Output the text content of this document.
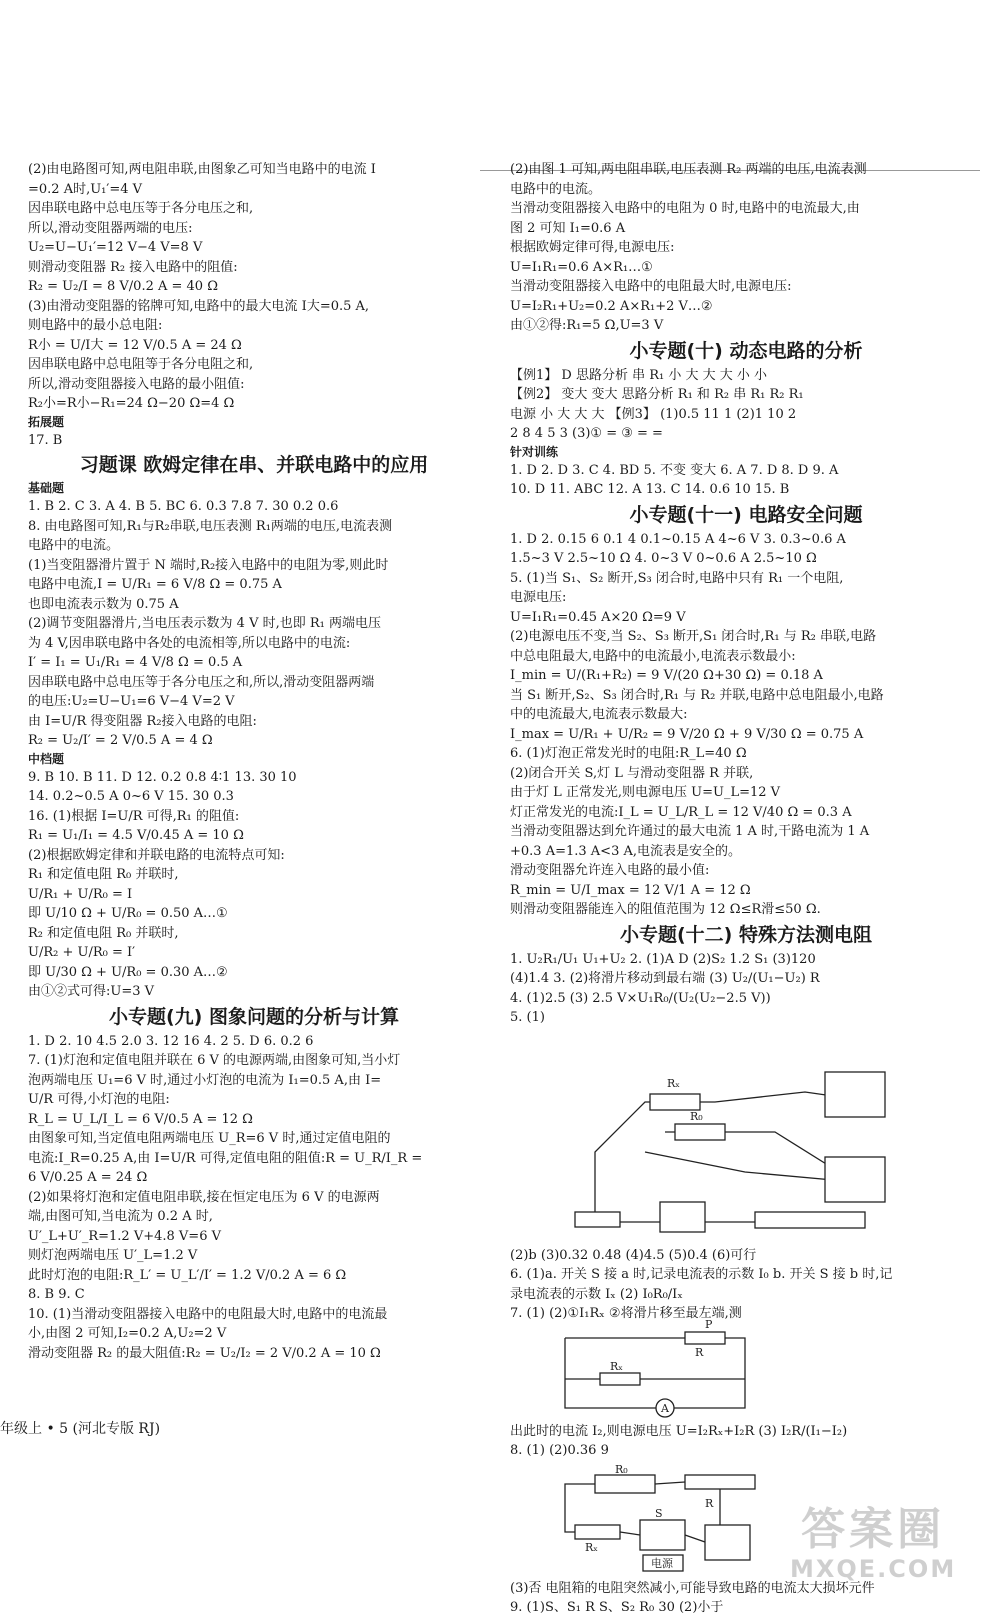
(2)由电路图可知,两电阻串联,由图象乙可知当电路中的电流 I
=0.2 A时,U₁′=4 V
因串联电路中总电压等于各分电压之和,
所以,滑动变阻器两端的电压:
U₂=U−U₁′=12 V−4 V=8 V
则滑动变阻器 R₂ 接入电路中的阻值:
R₂ = U₂/I = 8 V/0.2 A = 40 Ω
(3)由滑动变阻器的铭牌可知,电路中的最大电流 I大=0.5 A,
则电路中的最小总电阻:
R小 = U/I大 = 12 V/0.5 A = 24 Ω
因串联电路中总电阻等于各分电阻之和,
所以,滑动变阻器接入电路的最小阻值:
R₂小=R小−R₁=24 Ω−20 Ω=4 Ω
拓展题
17. B
习题课 欧姆定律在串、并联电路中的应用
基础题
1. B 2. C 3. A 4. B 5. BC 6. 0.3 7.8 7. 30 0.2 0.6
8. 由电路图可知,R₁与R₂串联,电压表测 R₁两端的电压,电流表测
电路中的电流。
(1)当变阻器滑片置于 N 端时,R₂接入电路中的电阻为零,则此时
电路中电流,I = U/R₁ = 6 V/8 Ω = 0.75 A
也即电流表示数为 0.75 A
(2)调节变阻器滑片,当电压表示数为 4 V 时,也即 R₁ 两端电压
为 4 V,因串联电路中各处的电流相等,所以电路中的电流:
I′ = I₁ = U₁/R₁ = 4 V/8 Ω = 0.5 A
因串联电路中总电压等于各分电压之和,所以,滑动变阻器两端
的电压:U₂=U−U₁=6 V−4 V=2 V
由 I=U/R 得变阻器 R₂接入电路的电阻:
R₂ = U₂/I′ = 2 V/0.5 A = 4 Ω
中档题
9. B 10. B 11. D 12. 0.2 0.8 4∶1 13. 30 10
14. 0.2~0.5 A 0~6 V 15. 30 0.3
16. (1)根据 I=U/R 可得,R₁ 的阻值:
R₁ = U₁/I₁ = 4.5 V/0.45 A = 10 Ω
(2)根据欧姆定律和并联电路的电流特点可知:
R₁ 和定值电阻 R₀ 并联时,
U/R₁ + U/R₀ = I
即 U/10 Ω + U/R₀ = 0.50 A…①
R₂ 和定值电阻 R₀ 并联时,
U/R₂ + U/R₀ = I′
即 U/30 Ω + U/R₀ = 0.30 A…②
由①②式可得:U=3 V
小专题(九) 图象问题的分析与计算
1. D 2. 10 4.5 2.0 3. 12 16 4. 2 5. D 6. 0.2 6
7. (1)灯泡和定值电阻并联在 6 V 的电源两端,由图象可知,当小灯
泡两端电压 U₁=6 V 时,通过小灯泡的电流为 I₁=0.5 A,由 I=
U/R 可得,小灯泡的电阻:
R_L = U_L/I_L = 6 V/0.5 A = 12 Ω
由图象可知,当定值电阻两端电压 U_R=6 V 时,通过定值电阻的
电流:I_R=0.25 A,由 I=U/R 可得,定值电阻的阻值:R = U_R/I_R =
6 V/0.25 A = 24 Ω
(2)如果将灯泡和定值电阻串联,接在恒定电压为 6 V 的电源两
端,由图可知,当电流为 0.2 A 时,
U′_L+U′_R=1.2 V+4.8 V=6 V
则灯泡两端电压 U′_L=1.2 V
此时灯泡的电阻:R_L′ = U_L′/I′ = 1.2 V/0.2 A = 6 Ω
8. B 9. C
10. (1)当滑动变阻器接入电路中的电阻最大时,电路中的电流最
小,由图 2 可知,I₂=0.2 A,U₂=2 V
滑动变阻器 R₂ 的最大阻值:R₂ = U₂/I₂ = 2 V/0.2 A = 10 Ω
(2)由图 1 可知,两电阻串联,电压表测 R₂ 两端的电压,电流表测
电路中的电流。
当滑动变阻器接入电路中的电阻为 0 时,电路中的电流最大,由
图 2 可知 I₁=0.6 A
根据欧姆定律可得,电源电压:
U=I₁R₁=0.6 A×R₁…①
当滑动变阻器接入电路中的电阻最大时,电源电压:
U=I₂R₁+U₂=0.2 A×R₁+2 V…②
由①②得:R₁=5 Ω,U=3 V
小专题(十) 动态电路的分析
【例1】 D 思路分析 串 R₁ 小 大 大 大 小 小
【例2】 变大 变大 思路分析 R₁ 和 R₂ 串 R₁ R₂ R₁
电源 小 大 大 大 【例3】 (1)0.5 11 1 (2)1 10 2
2 8 4 5 3 (3)① = ③ = =
针对训练
1. D 2. D 3. C 4. BD 5. 不变 变大 6. A 7. D 8. D 9. A
10. D 11. ABC 12. A 13. C 14. 0.6 10 15. B
小专题(十一) 电路安全问题
1. D 2. 0.15 6 0.1 4 0.1~0.15 A 4~6 V 3. 0.3~0.6 A
1.5~3 V 2.5~10 Ω 4. 0~3 V 0~0.6 A 2.5~10 Ω
5. (1)当 S₁、S₂ 断开,S₃ 闭合时,电路中只有 R₁ 一个电阻,
电源电压:
U=I₁R₁=0.45 A×20 Ω=9 V
(2)电源电压不变,当 S₂、S₃ 断开,S₁ 闭合时,R₁ 与 R₂ 串联,电路
中总电阻最大,电路中的电流最小,电流表示数最小:
I_min = U/(R₁+R₂) = 9 V/(20 Ω+30 Ω) = 0.18 A
当 S₁ 断开,S₂、S₃ 闭合时,R₁ 与 R₂ 并联,电路中总电阻最小,电路
中的电流最大,电流表示数最大:
I_max = U/R₁ + U/R₂ = 9 V/20 Ω + 9 V/30 Ω = 0.75 A
6. (1)灯泡正常发光时的电阻:R_L=40 Ω
(2)闭合开关 S,灯 L 与滑动变阻器 R 并联,
由于灯 L 正常发光,则电源电压 U=U_L=12 V
灯正常发光的电流:I_L = U_L/R_L = 12 V/40 Ω = 0.3 A
当滑动变阻器达到允许通过的最大电流 1 A 时,干路电流为 1 A
+0.3 A=1.3 A<3 A,电流表是安全的。
滑动变阻器允许连入电路的最小值:
R_min = U/I_max = 12 V/1 A = 12 Ω
则滑动变阻器能连入的阻值范围为 12 Ω≤R滑≤50 Ω.
小专题(十二) 特殊方法测电阻
1. U₂R₁/U₁ U₁+U₂ 2. (1)A D (2)S₂ 1.2 S₁ (3)120
(4)1.4 3. (2)将滑片移动到最右端 (3) U₂/(U₁−U₂) R
4. (1)2.5 (3) 2.5 V×U₁R₀/(U₂(U₂−2.5 V))
5. (1)
Rₓ
R₀
(2)b (3)0.32 0.48 (4)4.5 (5)0.4 (6)可行
6. (1)a. 开关 S 接 a 时,记录电流表的示数 I₀ b. 开关 S 接 b 时,记
录电流表的示数 Iₓ (2) I₀R₀/Iₓ
7. (1) (2)①I₁Rₓ ②将滑片移至最左端,测
R
P
Rₓ
A
出此时的电流 I₂,则电源电压 U=I₂Rₓ+I₂R (3) I₂R/(I₁−I₂)
8. (1) (2)0.36 9
R₀
R
S
Rₓ
电源
(3)否 电阻箱的电阻突然减小,可能导致电路的电流太大损坏元件
9. (1)S、S₁ R S、S₂ R₀ 30 (2)小于
年级上 • 5 (河北专版 RJ)
答案圈
MXQE.COM
